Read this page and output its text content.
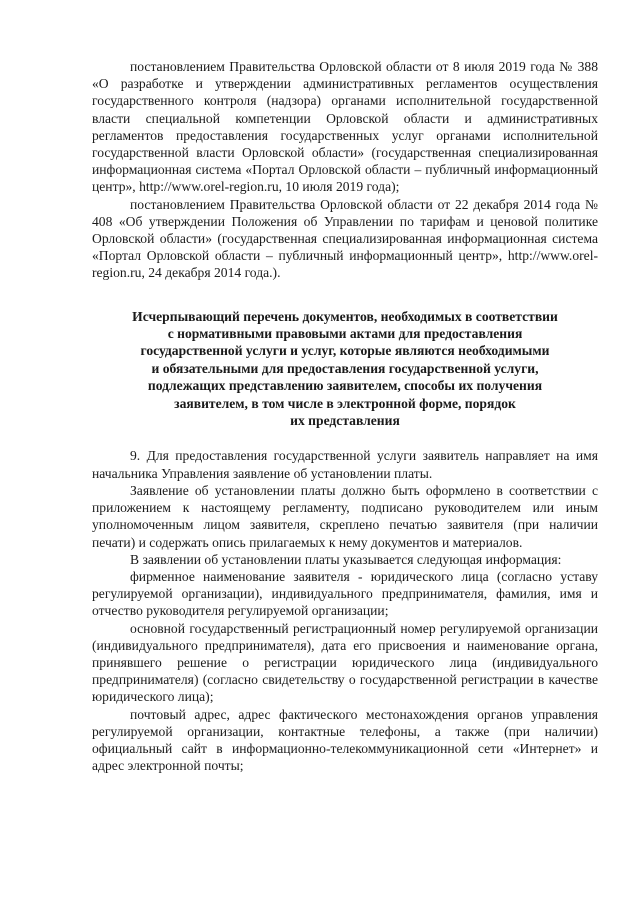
постановлением Правительства Орловской области от 8 июля 2019 года № 388 «О разработке и утверждении административных регламентов осуществления государственного контроля (надзора) органами исполнительной государственной власти специальной компетенции Орловской области и административных регламентов предоставления государственных услуг органами исполнительной государственной власти Орловской области» (государственная специализированная информационная система «Портал Орловской области – публичный информационный центр», http://www.orel-region.ru, 10 июля 2019 года);

постановлением Правительства Орловской области от 22 декабря 2014 года № 408 «Об утверждении Положения об Управлении по тарифам и ценовой политике Орловской области» (государственная специализированная информационная система «Портал Орловской области – публичный информационный центр», http://www.orel-region.ru, 24 декабря 2014 года.).

Исчерпывающий перечень документов, необходимых в соответствии
с нормативными правовыми актами для предоставления
государственной услуги и услуг, которые являются необходимыми
и обязательными для предоставления государственной услуги,
подлежащих представлению заявителем, способы их получения
заявителем, в том числе в электронной форме, порядок
их представления

9. Для предоставления государственной услуги заявитель направляет на имя начальника Управления заявление об установлении платы.

Заявление об установлении платы должно быть оформлено в соответствии с приложением к настоящему регламенту, подписано руководителем или иным уполномоченным лицом заявителя, скреплено печатью заявителя (при наличии печати) и содержать опись прилагаемых к нему документов и материалов.

В заявлении об установлении платы указывается следующая информация:

фирменное наименование заявителя - юридического лица (согласно уставу регулируемой организации), индивидуального предпринимателя, фамилия, имя и отчество руководителя регулируемой организации;

основной государственный регистрационный номер регулируемой организации (индивидуального предпринимателя), дата его присвоения и наименование органа, принявшего решение о регистрации юридического лица (индивидуального предпринимателя) (согласно свидетельству о государственной регистрации в качестве юридического лица);

почтовый адрес, адрес фактического местонахождения органов управления регулируемой организации, контактные телефоны, а также (при наличии) официальный сайт в информационно-телекоммуникационной сети «Интернет» и адрес электронной почты;
